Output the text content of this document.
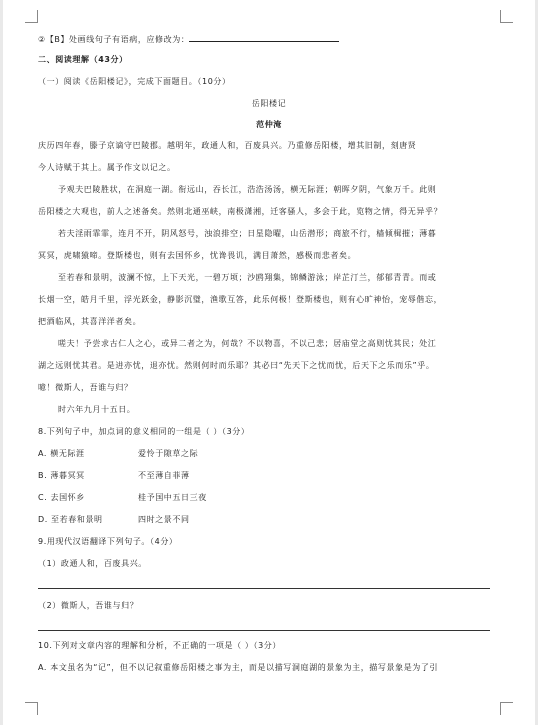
②【B】处画线句子有语病，应修改为：
二、阅读理解（43分）
（一）阅读《岳阳楼记》，完成下面题目。（10分）
岳阳楼记
范仲淹
庆历四年春，滕子京谪守巴陵郡。越明年，政通人和，百废具兴。乃重修岳阳楼，增其旧制，刻唐贤
今人诗赋于其上。属予作文以记之。
予观夫巴陵胜状，在洞庭一湖。衔远山，吞长江，浩浩汤汤，横无际涯；朝晖夕阴，气象万千。此则
岳阳楼之大观也，前人之述备矣。然则北通巫峡，南极潇湘，迁客骚人，多会于此，览物之情，得无异乎？
若夫淫雨霏霏，连月不开，阴风怒号，浊浪排空；日星隐曜，山岳潜形；商旅不行，樯倾楫摧；薄暮
冥冥，虎啸猿啼。登斯楼也，则有去国怀乡，忧谗畏讥，满目萧然，感极而悲者矣。
至若春和景明，波澜不惊，上下天光，一碧万顷；沙鸥翔集，锦鳞游泳；岸芷汀兰，郁郁青青。而或
长烟一空，皓月千里，浮光跃金，静影沉璧，渔歌互答，此乐何极！登斯楼也，则有心旷神怡，宠辱偕忘，
把酒临风，其喜洋洋者矣。
嗟夫！予尝求古仁人之心，或异二者之为，何哉？不以物喜，不以己悲；居庙堂之高则忧其民；处江
湖之远则忧其君。是进亦忧，退亦忧。然则何时而乐耶？其必曰“先天下之忧而忧，后天下之乐而乐”乎。
噫！微斯人，吾谁与归？
时六年九月十五日。
8.下列句子中，加点词的意义相同的一组是（ ）（3分）
A. 横无际涯	爱怜于隙草之际
B. 薄暮冥冥	不至薄自菲薄
C. 去国怀乡	桂予国中五日三夜
D. 至若春和景明	四时之景不同
9.用现代汉语翻译下列句子。（4分）
（1）政通人和，百废具兴。
（2）微斯人，吾谁与归？
10.下列对文章内容的理解和分析，不正确的一项是（ ）（3分）
A. 本文虽名为“记”，但不以记叙重修岳阳楼之事为主，而是以描写洞庭湖的景象为主，描写景象是为了引
